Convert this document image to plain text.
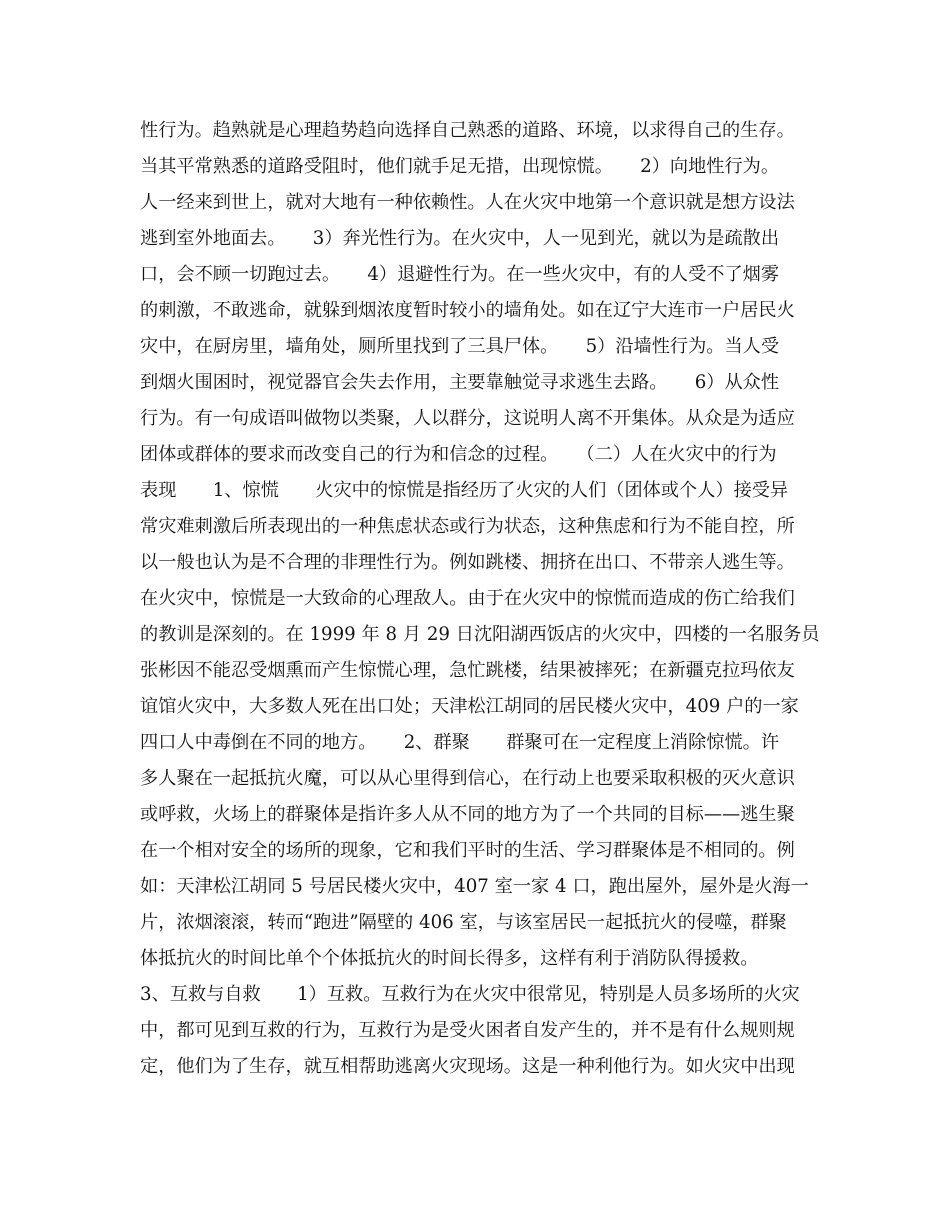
性行为。趋熟就是心理趋势趋向选择自己熟悉的道路、环境，以求得自己的生存。
当其平常熟悉的道路受阻时，他们就手足无措，出现惊慌。　　2）向地性行为。
人一经来到世上，就对大地有一种依赖性。人在火灾中地第一个意识就是想方设法
逃到室外地面去。　　3）奔光性行为。在火灾中，人一见到光，就以为是疏散出
口，会不顾一切跑过去。　　4）退避性行为。在一些火灾中，有的人受不了烟雾
的刺激，不敢逃命，就躲到烟浓度暂时较小的墙角处。如在辽宁大连市一户居民火
灾中，在厨房里，墙角处，厕所里找到了三具尸体。　　5）沿墙性行为。当人受
到烟火围困时，视觉器官会失去作用，主要靠触觉寻求逃生去路。　　6）从众性
行为。有一句成语叫做物以类聚，人以群分，这说明人离不开集体。从众是为适应
团体或群体的要求而改变自己的行为和信念的过程。　　（二）人在火灾中的行为
表现　　1、惊慌　　火灾中的惊慌是指经历了火灾的人们（团体或个人）接受异
常灾难刺激后所表现出的一种焦虑状态或行为状态，这种焦虑和行为不能自控，所
以一般也认为是不合理的非理性行为。例如跳楼、拥挤在出口、不带亲人逃生等。
在火灾中，惊慌是一大致命的心理敌人。由于在火灾中的惊慌而造成的伤亡给我们
的教训是深刻的。在 1999 年 8 月 29 日沈阳湖西饭店的火灾中，四楼的一名服务员
张彬因不能忍受烟熏而产生惊慌心理，急忙跳楼，结果被摔死；在新疆克拉玛依友
谊馆火灾中，大多数人死在出口处；天津松江胡同的居民楼火灾中，409 户的一家
四口人中毒倒在不同的地方。　　2、群聚　　群聚可在一定程度上消除惊慌。许
多人聚在一起抵抗火魔，可以从心里得到信心，在行动上也要采取积极的灭火意识
或呼救，火场上的群聚体是指许多人从不同的地方为了一个共同的目标——逃生聚
在一个相对安全的场所的现象，它和我们平时的生活、学习群聚体是不相同的。例
如：天津松江胡同 5 号居民楼火灾中，407 室一家 4 口，跑出屋外，屋外是火海一
片，浓烟滚滚，转而“跑进”隔壁的 406 室，与该室居民一起抵抗火的侵噬，群聚
体抵抗火的时间比单个个体抵抗火的时间长得多，这样有利于消防队得援救。
3、互救与自救　　1）互救。互救行为在火灾中很常见，特别是人员多场所的火灾
中，都可见到互救的行为，互救行为是受火困者自发产生的，并不是有什么规则规
定，他们为了生存，就互相帮助逃离火灾现场。这是一种利他行为。如火灾中出现
